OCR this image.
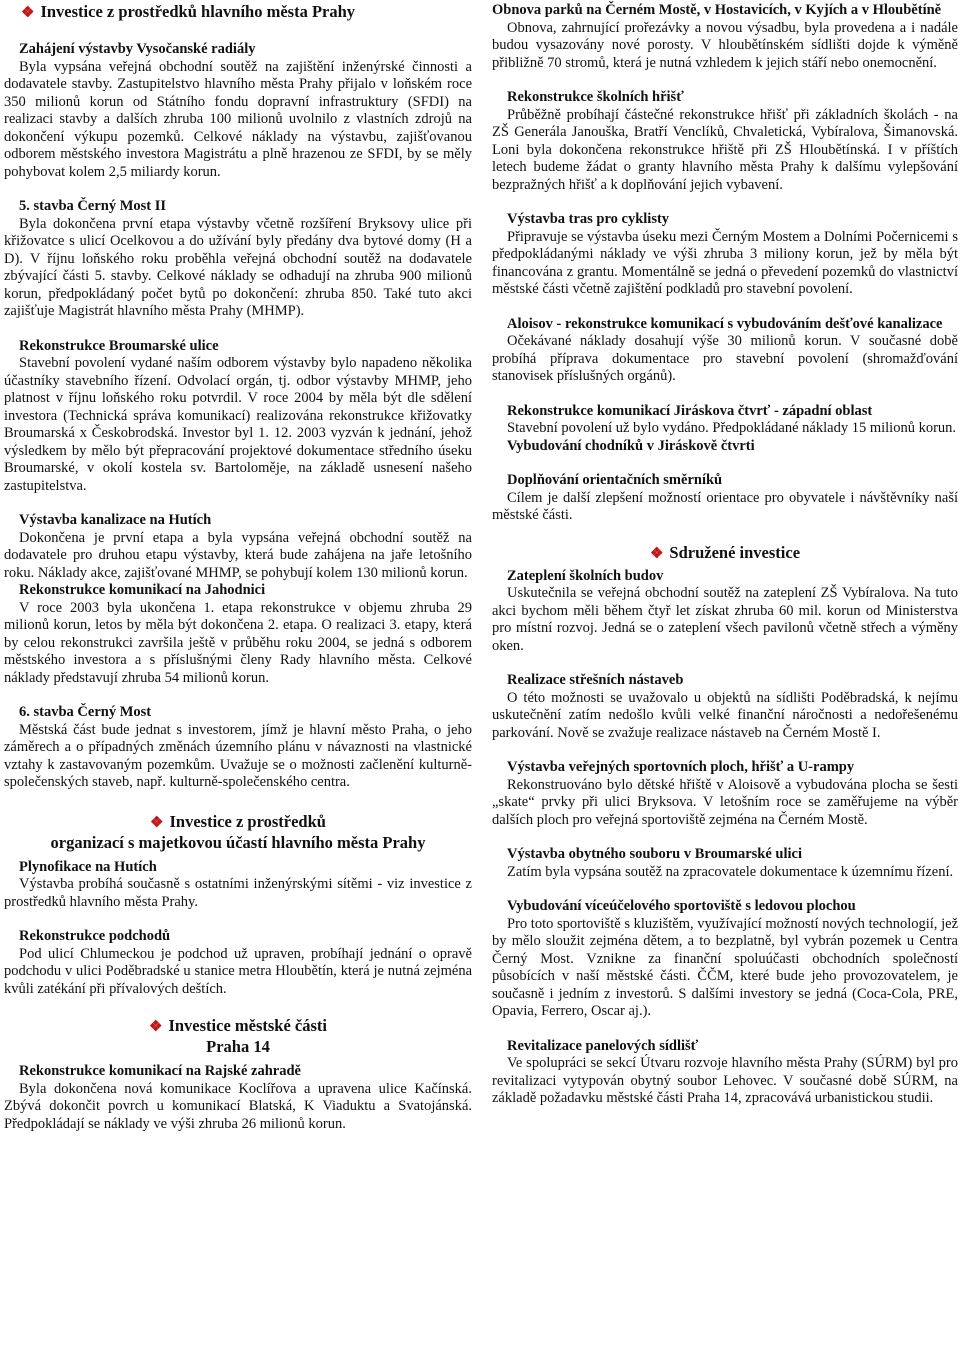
❖ Investice z prostředků hlavního města Prahy
Zahájení výstavby Vysočanské radiály
Byla vypsána veřejná obchodní soutěž na zajištění inženýrské činnosti a dodavatele stavby. Zastupitelstvo hlavního města Prahy přijalo v loňském roce 350 milionů korun od Státního fondu dopravní infrastruktury (SFDI) na realizaci stavby a dalších zhruba 100 milionů uvolnilo z vlastních zdrojů na dokončení výkupu pozemků. Celkové náklady na výstavbu, zajišťovanou odborem městského investora Magistrátu a plně hrazenou ze SFDI, by se měly pohybovat kolem 2,5 miliardy korun.
5. stavba Černý Most II
Byla dokončena první etapa výstavby včetně rozšíření Bryksovy ulice při křižovatce s ulicí Ocelkovou a do užívání byly předány dva bytové domy (H a D). V říjnu loňského roku proběhla veřejná obchodní soutěž na dodavatele zbývající části 5. stavby. Celkové náklady se odhadují na zhruba 900 milionů korun, předpokládaný počet bytů po dokončení: zhruba 850. Také tuto akci zajišťuje Magistrát hlavního města Prahy (MHMP).
Rekonstrukce Broumarské ulice
Stavební povolení vydané naším odborem výstavby bylo napadeno několika účastníky stavebního řízení. Odvolací orgán, tj. odbor výstavby MHMP, jeho platnost v říjnu loňského roku potvrdil. V roce 2004 by měla být dle sdělení investora (Technická správa komunikací) realizována rekonstrukce křižovatky Broumarská x Českobrodská. Investor byl 1. 12. 2003 vyzván k jednání, jehož výsledkem by mělo být přepracování projektové dokumentace středního úseku Broumarské, v okolí kostela sv. Bartoloměje, na základě usnesení našeho zastupitelstva.
Výstavba kanalizace na Hutích
Dokončena je první etapa a byla vypsána veřejná obchodní soutěž na dodavatele pro druhou etapu výstavby, která bude zahájena na jaře letošního roku. Náklady akce, zajišťované MHMP, se pohybují kolem 130 milionů korun.
Rekonstrukce komunikací na Jahodnici
V roce 2003 byla ukončena 1. etapa rekonstrukce v objemu zhruba 29 milionů korun, letos by měla být dokončena 2. etapa. O realizaci 3. etapy, která by celou rekonstrukci završila ještě v průběhu roku 2004, se jedná s odborem městského investora a s příslušnými členy Rady hlavního města. Celkové náklady představují zhruba 54 milionů korun.
6. stavba Černý Most
Městská část bude jednat s investorem, jímž je hlavní město Praha, o jeho záměrech a o případných změnách územního plánu v návaznosti na vlastnické vztahy k zastavovaným pozemkům. Uvažuje se o možnosti začlenění kulturně-společenských staveb, např. kulturně-společenského centra.
❖ Investice z prostředků
organizací s majetkovou účastí hlavního města Prahy
Plynofikace na Hutích
Výstavba probíhá současně s ostatními inženýrskými sítěmi - viz investice z prostředků hlavního města Prahy.
Rekonstrukce podchodů
Pod ulicí Chlumeckou je podchod už upraven, probíhají jednání o opravě podchodu v ulici Poděbradské u stanice metra Hloubětín, která je nutná zejména kvůli zatékání při přívalových deštích.
❖ Investice městské části
Praha 14
Rekonstrukce komunikací na Rajské zahradě
Byla dokončena nová komunikace Koclířova a upravena ulice Kačínská. Zbývá dokončit povrch u komunikací Blatská, K Viaduktu a Svatojánská. Předpokládají se náklady ve výši zhruba 26 milionů korun.
Obnova parků na Černém Mostě, v Hostavicích, v Kyjích a v Hloubětíně
Obnova, zahrnující prořezávky a novou výsadbu, byla provedena a i nadále budou vysazovány nové porosty. V hloubětínském sídlišti dojde k výměně přibližně 70 stromů, která je nutná vzhledem k jejich stáří nebo onemocnění.
Rekonstrukce školních hřišť
Průběžně probíhají částečné rekonstrukce hřišť při základních školách - na ZŠ Generála Janouška, Bratří Venclíků, Chvaletická, Vybíralova, Šimanovská. Loni byla dokončena rekonstrukce hřiště při ZŠ Hloubětínská. I v příštích letech budeme žádat o granty hlavního města Prahy k dalšímu vylepšování bezpražných hřišť a k doplňování jejich vybavení.
Výstavba tras pro cyklisty
Připravuje se výstavba úseku mezi Černým Mostem a Dolními Počernicemi s předpokládanými náklady ve výši zhruba 3 miliony korun, jež by měla být financována z grantu. Momentálně se jedná o převedení pozemků do vlastnictví městské části včetně zajištění podkladů pro stavební povolení.
Aloisov - rekonstrukce komunikací s vybudováním dešťové kanalizace
Očekávané náklady dosahují výše 30 milionů korun. V současné době probíhá příprava dokumentace pro stavební povolení (shromažďování stanovisek příslušných orgánů).
Rekonstrukce komunikací Jiráskova čtvrť - západní oblast
Stavební povolení už bylo vydáno. Předpokládané náklady 15 milionů korun.
Vybudování chodníků v Jiráskově čtvrti
Doplňování orientačních směrníků
Cílem je další zlepšení možností orientace pro obyvatele i návštěvníky naší městské části.
❖ Sdružené investice
Zateplení školních budov
Uskutečnila se veřejná obchodní soutěž na zateplení ZŠ Vybíralova. Na tuto akci bychom měli během čtyř let získat zhruba 60 mil. korun od Ministerstva pro místní rozvoj. Jedná se o zateplení všech pavilonů včetně střech a výměny oken.
Realizace střešních nástaveb
O této možnosti se uvažovalo u objektů na sídlišti Poděbradská, k nejímu uskutečnění zatím nedošlo kvůli velké finanční náročnosti a nedořešenému parkování. Nově se zvažuje realizace nástaveb na Černém Mostě I.
Výstavba veřejných sportovních ploch, hřišť a U-rampy
Rekonstruováno bylo dětské hřiště v Aloisově a vybudována plocha se šesti „skate“ prvky při ulici Bryksova. V letošním roce se zaměřujeme na výběr dalších ploch pro veřejná sportoviště zejména na Černém Mostě.
Výstavba obytného souboru v Broumarské ulici
Zatím byla vypsána soutěž na zpracovatele dokumentace k územnímu řízení.
Vybudování víceúčelového sportoviště s ledovou plochou
Pro toto sportoviště s kluzištěm, využívající možností nových technologií, jež by mělo sloužit zejména dětem, a to bezplatně, byl vybrán pozemek u Centra Černý Most. Vznikne za finanční spoluúčasti obchodních společností působících v naší městské části. ČČM, které bude jeho provozovatelem, je současně i jedním z investorů. S dalšími investory se jedná (Coca-Cola, PRE, Opavia, Ferrero, Oscar aj.).
Revitalizace panelových sídlišť
Ve spolupráci se sekcí Útvaru rozvoje hlavního města Prahy (SÚRM) byl pro revitalizaci vytypován obytný soubor Lehovec. V současné době SÚRM, na základě požadavku městské části Praha 14, zpracovává urbanistickou studii.
